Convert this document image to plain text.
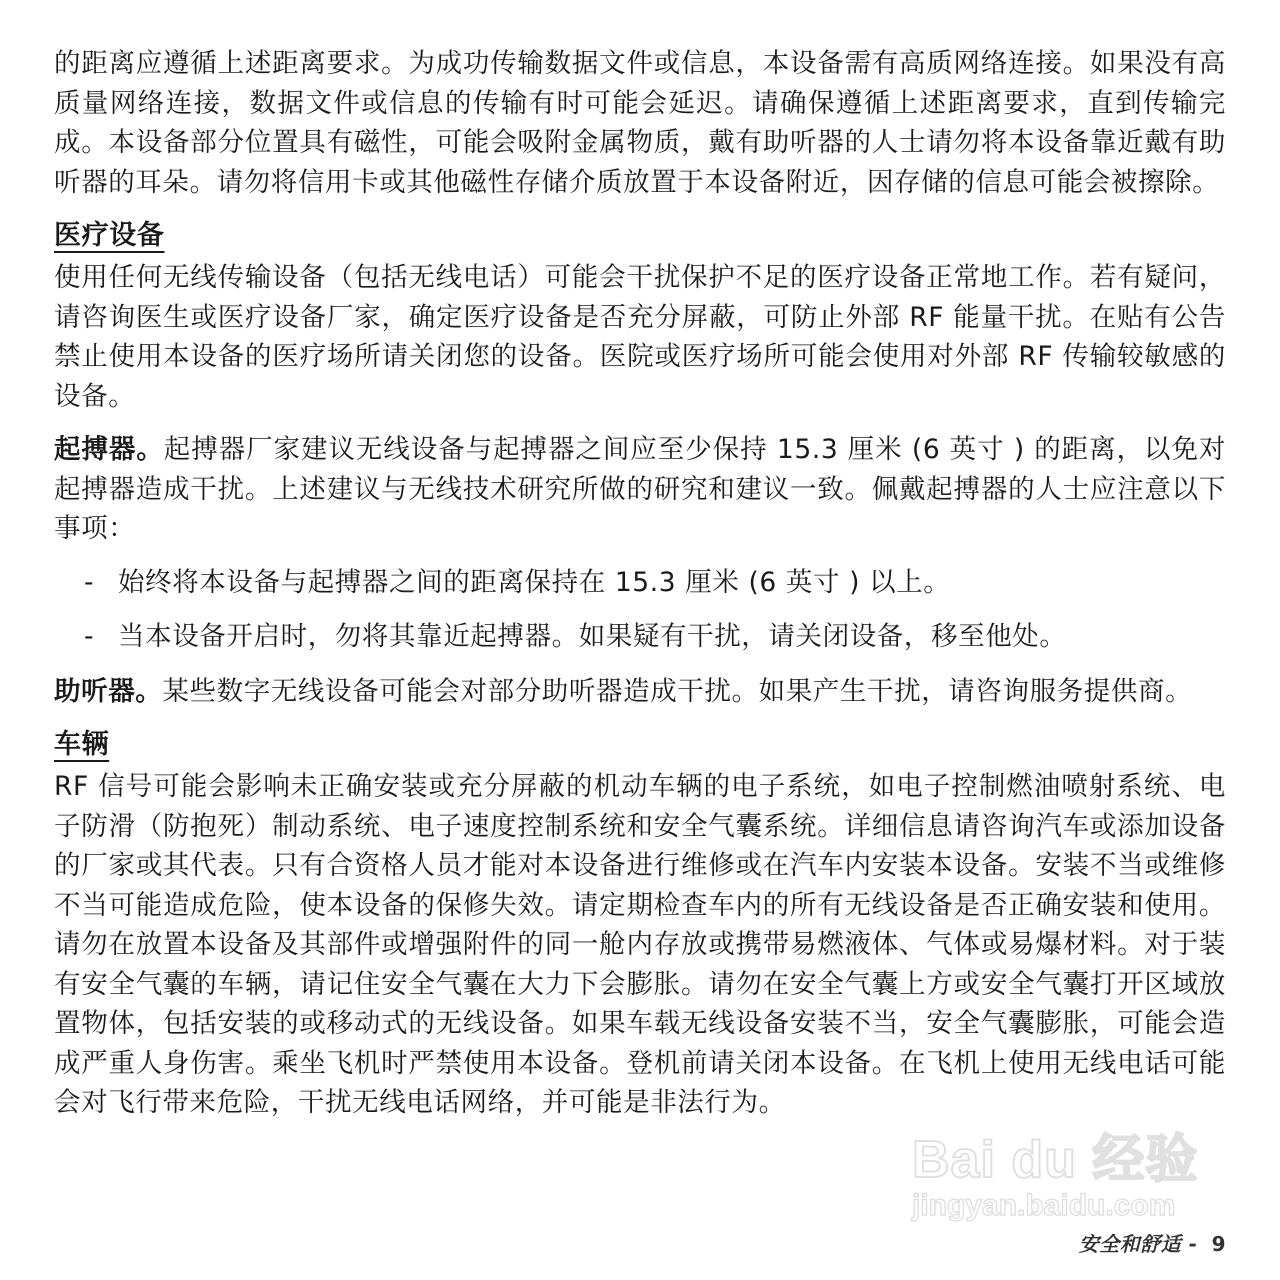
的距离应遵循上述距离要求。为成功传输数据文件或信息，本设备需有高质网络连接。如果没有高质量网络连接，数据文件或信息的传输有时可能会延迟。请确保遵循上述距离要求，直到传输完成。本设备部分位置具有磁性，可能会吸附金属物质，戴有助听器的人士请勿将本设备靠近戴有助听器的耳朵。请勿将信用卡或其他磁性存储介质放置于本设备附近，因存储的信息可能会被擦除。

医疗设备

使用任何无线传输设备（包括无线电话）可能会干扰保护不足的医疗设备正常地工作。若有疑问，请咨询医生或医疗设备厂家，确定医疗设备是否充分屏蔽，可防止外部 RF 能量干扰。在贴有公告禁止使用本设备的医疗场所请关闭您的设备。医院或医疗场所可能会使用对外部 RF 传输较敏感的设备。

起搏器。起搏器厂家建议无线设备与起搏器之间应至少保持 15.3 厘米 (6 英寸 ) 的距离，以免对起搏器造成干扰。上述建议与无线技术研究所做的研究和建议一致。佩戴起搏器的人士应注意以下事项：

- 始终将本设备与起搏器之间的距离保持在 15.3 厘米 (6 英寸 ) 以上。
- 当本设备开启时，勿将其靠近起搏器。如果疑有干扰，请关闭设备，移至他处。

助听器。某些数字无线设备可能会对部分助听器造成干扰。如果产生干扰，请咨询服务提供商。

车辆

RF 信号可能会影响未正确安装或充分屏蔽的机动车辆的电子系统，如电子控制燃油喷射系统、电子防滑（防抱死）制动系统、电子速度控制系统和安全气囊系统。详细信息请咨询汽车或添加设备的厂家或其代表。只有合资格人员才能对本设备进行维修或在汽车内安装本设备。安装不当或维修不当可能造成危险，使本设备的保修失效。请定期检查车内的所有无线设备是否正确安装和使用。请勿在放置本设备及其部件或增强附件的同一舱内存放或携带易燃液体、气体或易爆材料。对于装有安全气囊的车辆，请记住安全气囊在大力下会膨胀。请勿在安全气囊上方或安全气囊打开区域放置物体，包括安装的或移动式的无线设备。如果车载无线设备安装不当，安全气囊膨胀，可能会造成严重人身伤害。乘坐飞机时严禁使用本设备。登机前请关闭本设备。在飞机上使用无线电话可能会对飞行带来危险，干扰无线电话网络，并可能是非法行为。

Bai du 经验
jingyan.baidu.com
安全和舒适 - 9
